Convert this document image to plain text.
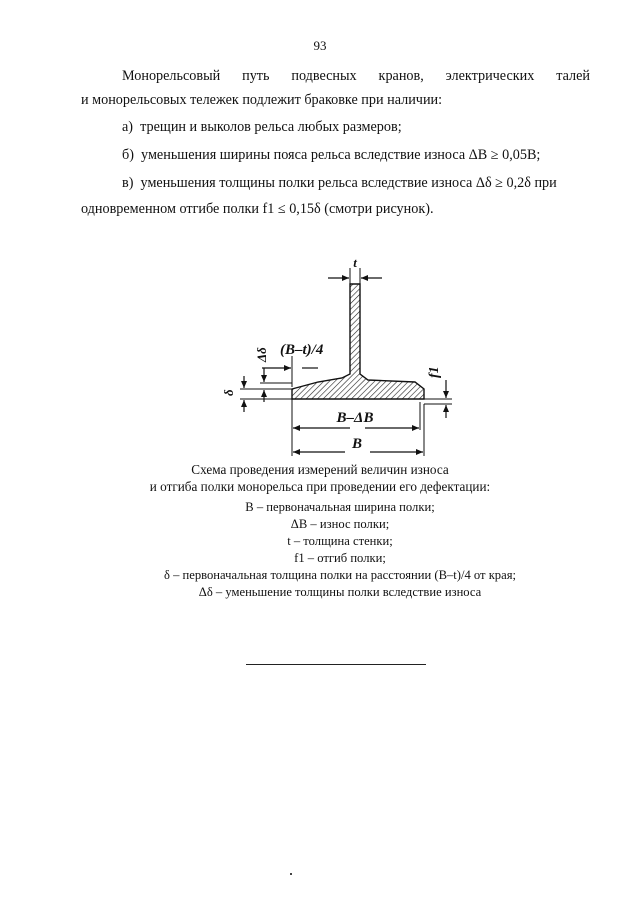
93
Монорельсовый путь подвесных кранов, электрических талей
и монорельсовых тележек подлежит браковке при наличии:
а) трещин и выколов рельса любых размеров;
б) уменьшения ширины пояса рельса вследствие износа ΔB ≥ 0,05B;
в) уменьшения толщины полки рельса вследствие износа Δδ ≥ 0,2δ при
одновременном отгибе полки f1 ≤ 0,15δ (смотри рисунок).
t
(B–t)/4
Δδ
δ
f1
B–ΔB
B
Схема проведения измерений величин износа
и отгиба полки монорельса при проведении его дефектации:
B – первоначальная ширина полки;
ΔB – износ полки;
t – толщина стенки;
f1 – отгиб полки;
δ – первоначальная толщина полки на расстоянии (B–t)/4 от края;
Δδ – уменьшение толщины полки вследствие износа
